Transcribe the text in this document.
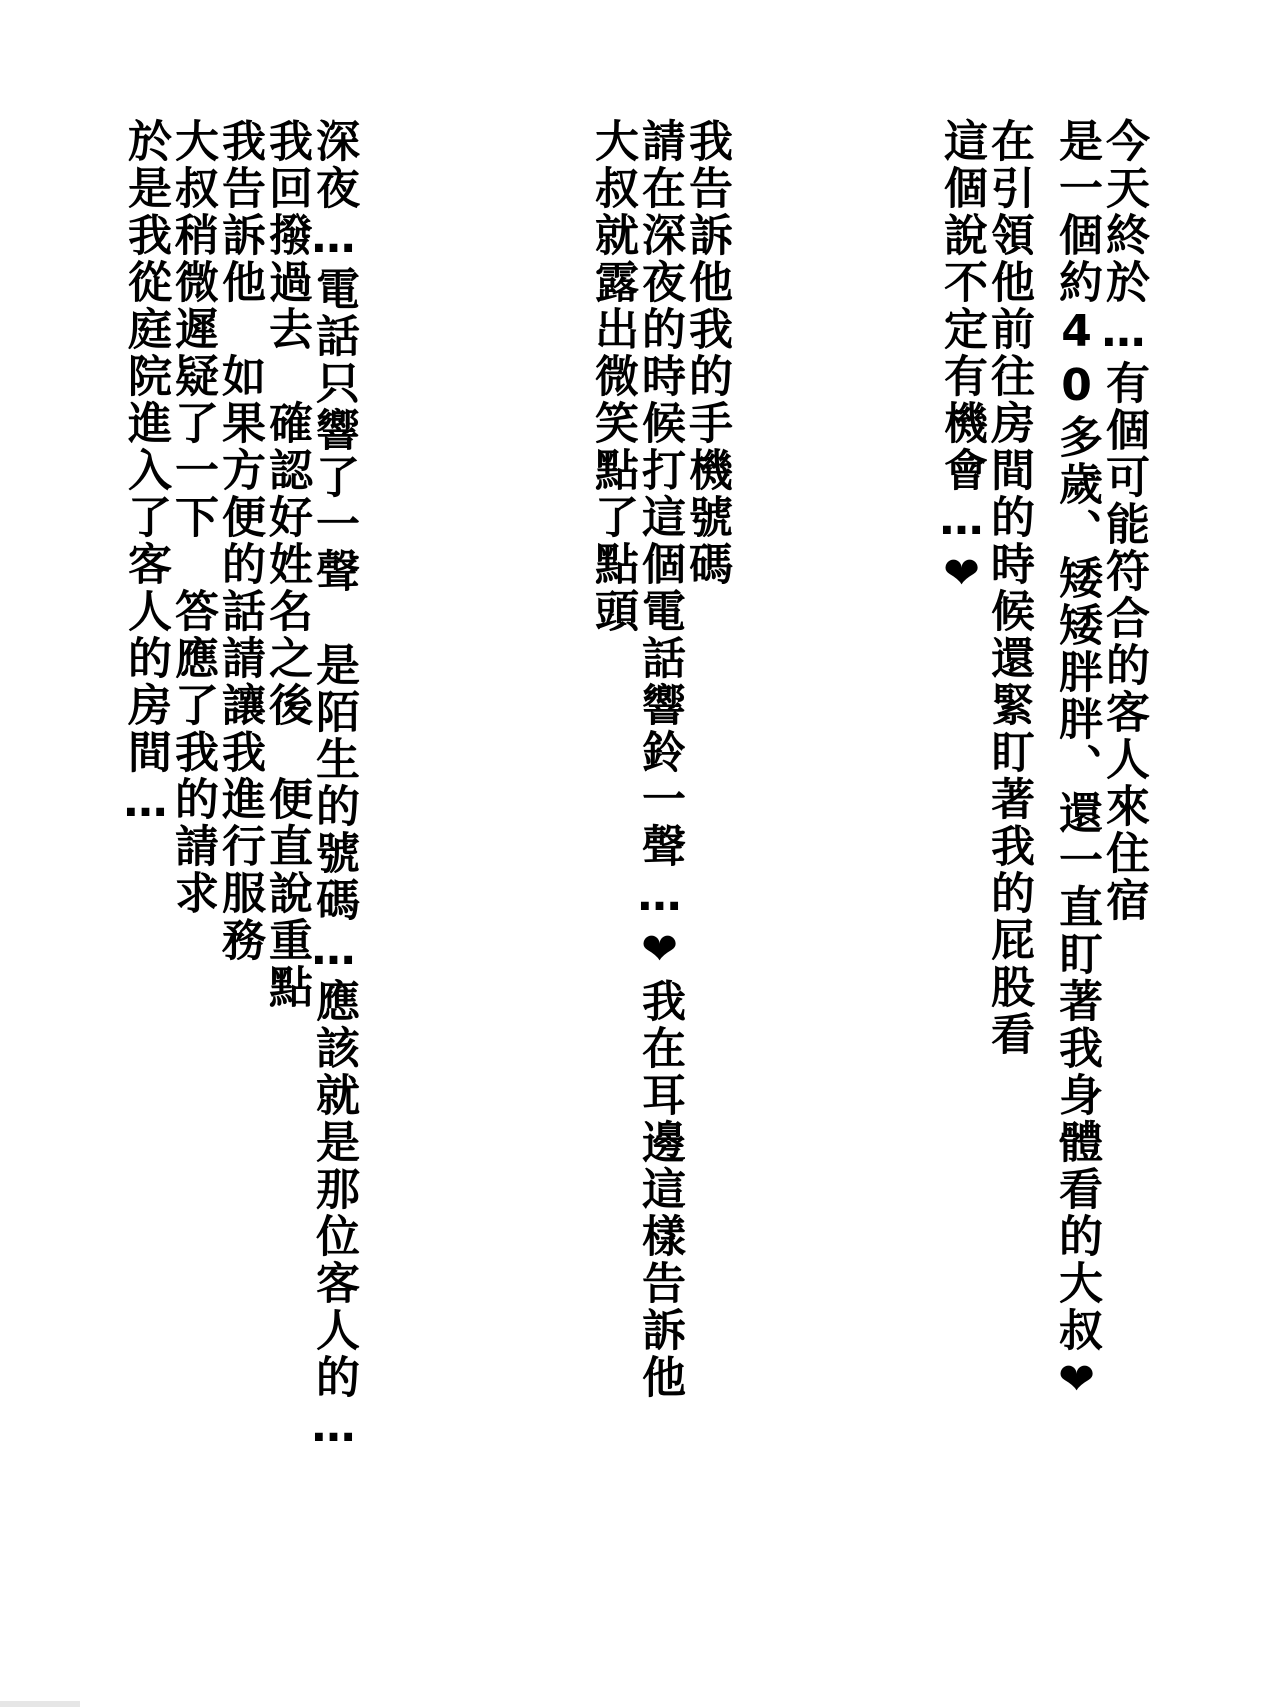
今天終於…有個可能符合的客人來住宿
是一個約40多歲、矮矮胖胖、還一直盯著我身體看的大叔❤
在引領他前往房間的時候還緊盯著我的屁股看
這個說不定有機會…❤
我告訴他我的手機號碼
請在深夜的時候打這個電話響鈴一聲…❤我在耳邊這樣告訴他
大叔就露出微笑點了點頭
深夜…電話只響了一聲　是陌生的號碼…應該就是那位客人的…
我回撥過去　確認好姓名之後　便直說重點
我告訴他　如果方便的話請讓我進行服務
大叔稍微遲疑了一下　答應了我的請求
於是我從庭院進入了客人的房間…
